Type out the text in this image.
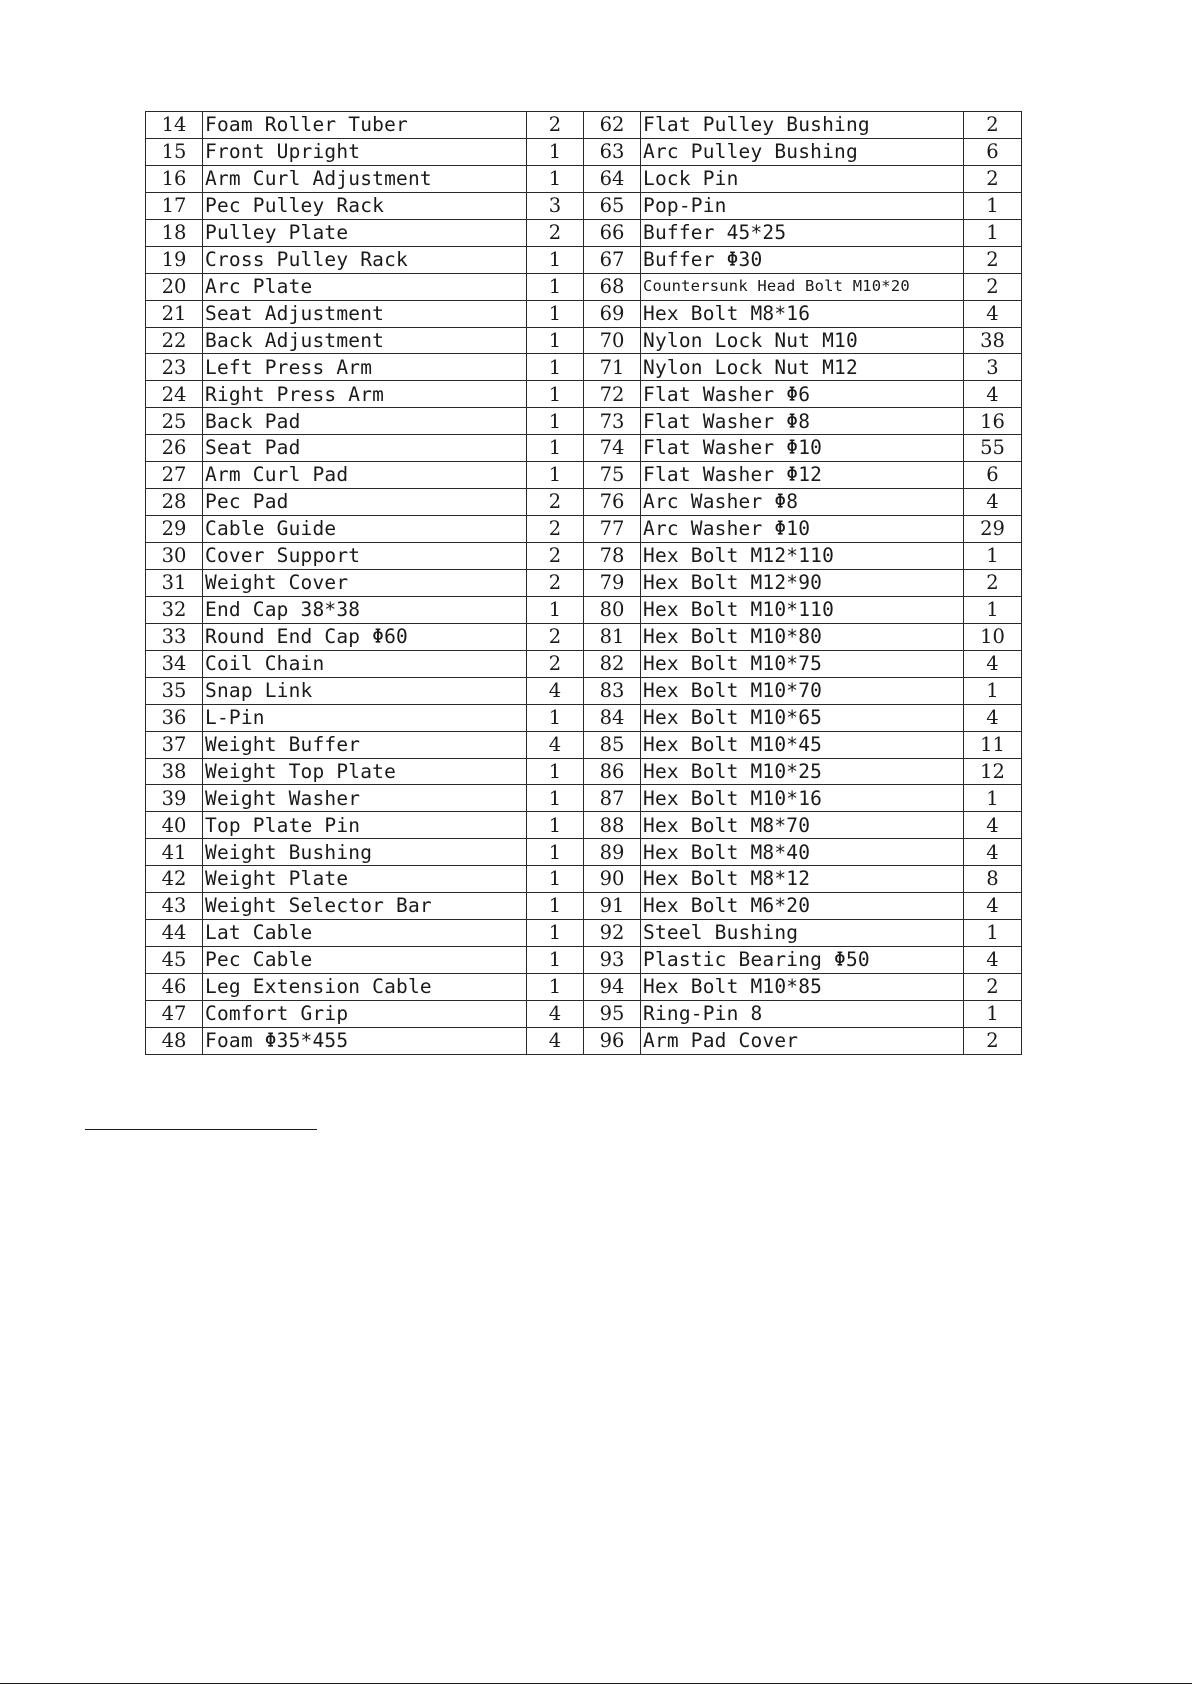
14	Foam Roller Tuber	2	62	Flat Pulley Bushing	2
15	Front Upright	1	63	Arc Pulley Bushing	6
16	Arm Curl Adjustment	1	64	Lock Pin	2
17	Pec Pulley Rack	3	65	Pop-Pin	1
18	Pulley Plate	2	66	Buffer 45*25	1
19	Cross Pulley Rack	1	67	Buffer Φ30	2
20	Arc Plate	1	68	Countersunk Head Bolt M10*20	2
21	Seat Adjustment	1	69	Hex Bolt M8*16	4
22	Back Adjustment	1	70	Nylon Lock Nut M10	38
23	Left Press Arm	1	71	Nylon Lock Nut M12	3
24	Right Press Arm	1	72	Flat Washer Φ6	4
25	Back Pad	1	73	Flat Washer Φ8	16
26	Seat Pad	1	74	Flat Washer Φ10	55
27	Arm Curl Pad	1	75	Flat Washer Φ12	6
28	Pec Pad	2	76	Arc Washer Φ8	4
29	Cable Guide	2	77	Arc Washer Φ10	29
30	Cover Support	2	78	Hex Bolt M12*110	1
31	Weight Cover	2	79	Hex Bolt M12*90	2
32	End Cap 38*38	1	80	Hex Bolt M10*110	1
33	Round End Cap Φ60	2	81	Hex Bolt M10*80	10
34	Coil Chain	2	82	Hex Bolt M10*75	4
35	Snap Link	4	83	Hex Bolt M10*70	1
36	L-Pin	1	84	Hex Bolt M10*65	4
37	Weight Buffer	4	85	Hex Bolt M10*45	11
38	Weight Top Plate	1	86	Hex Bolt M10*25	12
39	Weight Washer	1	87	Hex Bolt M10*16	1
40	Top Plate Pin	1	88	Hex Bolt M8*70	4
41	Weight Bushing	1	89	Hex Bolt M8*40	4
42	Weight Plate	1	90	Hex Bolt M8*12	8
43	Weight Selector Bar	1	91	Hex Bolt M6*20	4
44	Lat Cable	1	92	Steel Bushing	1
45	Pec Cable	1	93	Plastic Bearing Φ50	4
46	Leg Extension Cable	1	94	Hex Bolt M10*85	2
47	Comfort Grip	4	95	Ring-Pin 8	1
48	Foam Φ35*455	4	96	Arm Pad Cover	2
